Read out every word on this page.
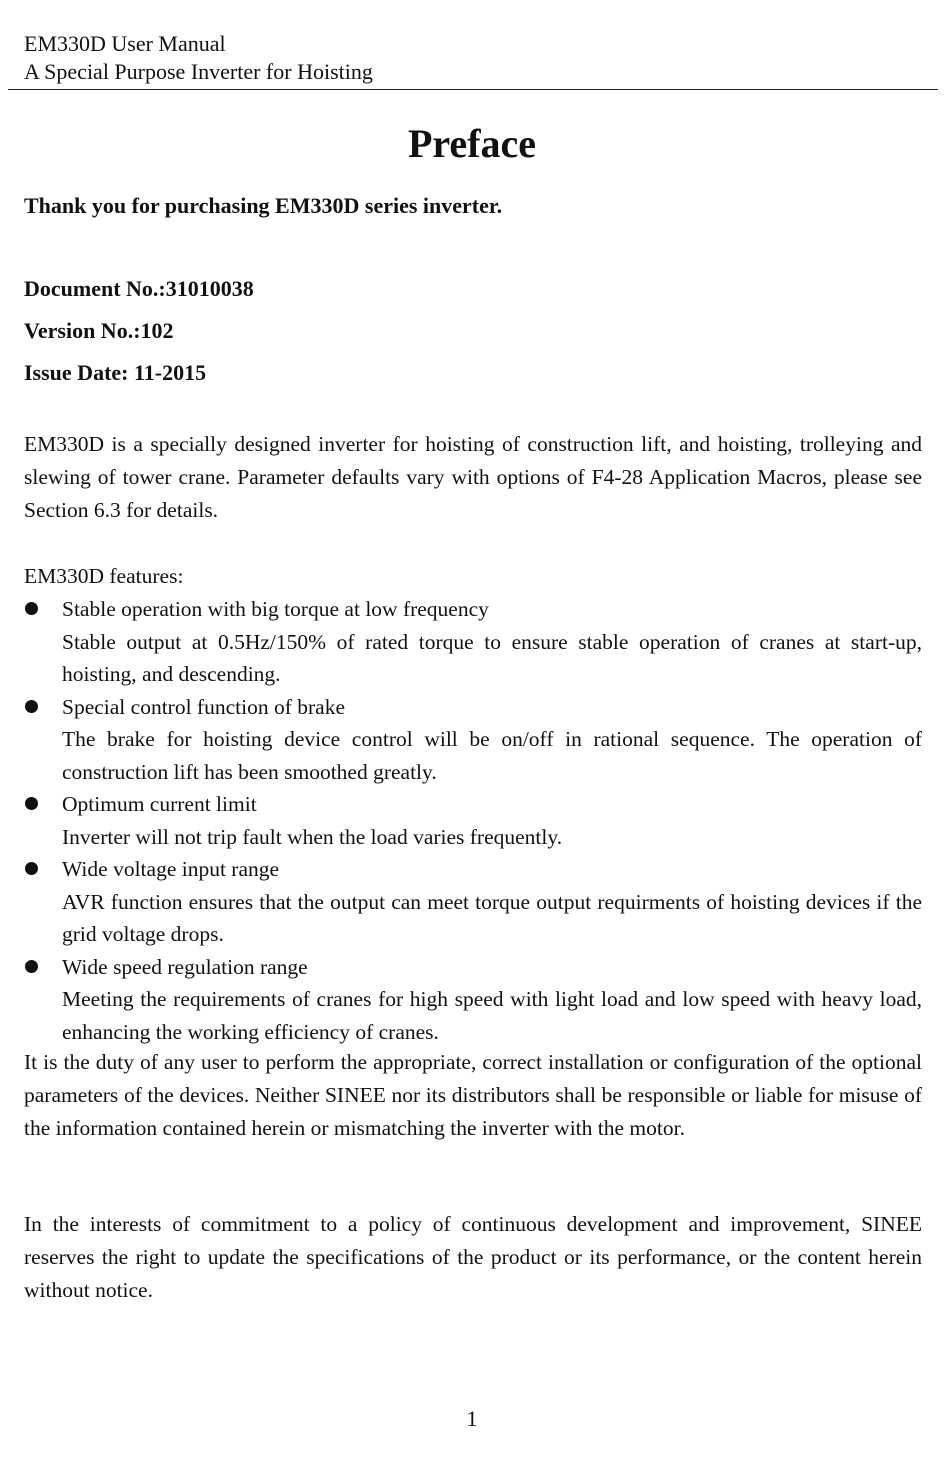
EM330D User Manual
A Special Purpose Inverter for Hoisting
Preface
Thank you for purchasing EM330D series inverter.
Document No.:31010038
Version No.:102
Issue Date: 11-2015
EM330D is a specially designed inverter for hoisting of construction lift, and hoisting, trolleying and slewing of tower crane. Parameter defaults vary with options of F4-28 Application Macros, please see Section 6.3 for details.
EM330D features:
Stable operation with big torque at low frequency
Stable output at 0.5Hz/150% of rated torque to ensure stable operation of cranes at start-up, hoisting, and descending.
Special control function of brake
The brake for hoisting device control will be on/off in rational sequence. The operation of construction lift has been smoothed greatly.
Optimum current limit
Inverter will not trip fault when the load varies frequently.
Wide voltage input range
AVR function ensures that the output can meet torque output requirments of hoisting devices if the grid voltage drops.
Wide speed regulation range
Meeting the requirements of cranes for high speed with light load and low speed with heavy load, enhancing the working efficiency of cranes.
It is the duty of any user to perform the appropriate, correct installation or configuration of the optional parameters of the devices. Neither SINEE nor its distributors shall be responsible or liable for misuse of the information contained herein or mismatching the inverter with the motor.
In the interests of commitment to a policy of continuous development and improvement, SINEE reserves the right to update the specifications of the product or its performance, or the content herein without notice.
1
